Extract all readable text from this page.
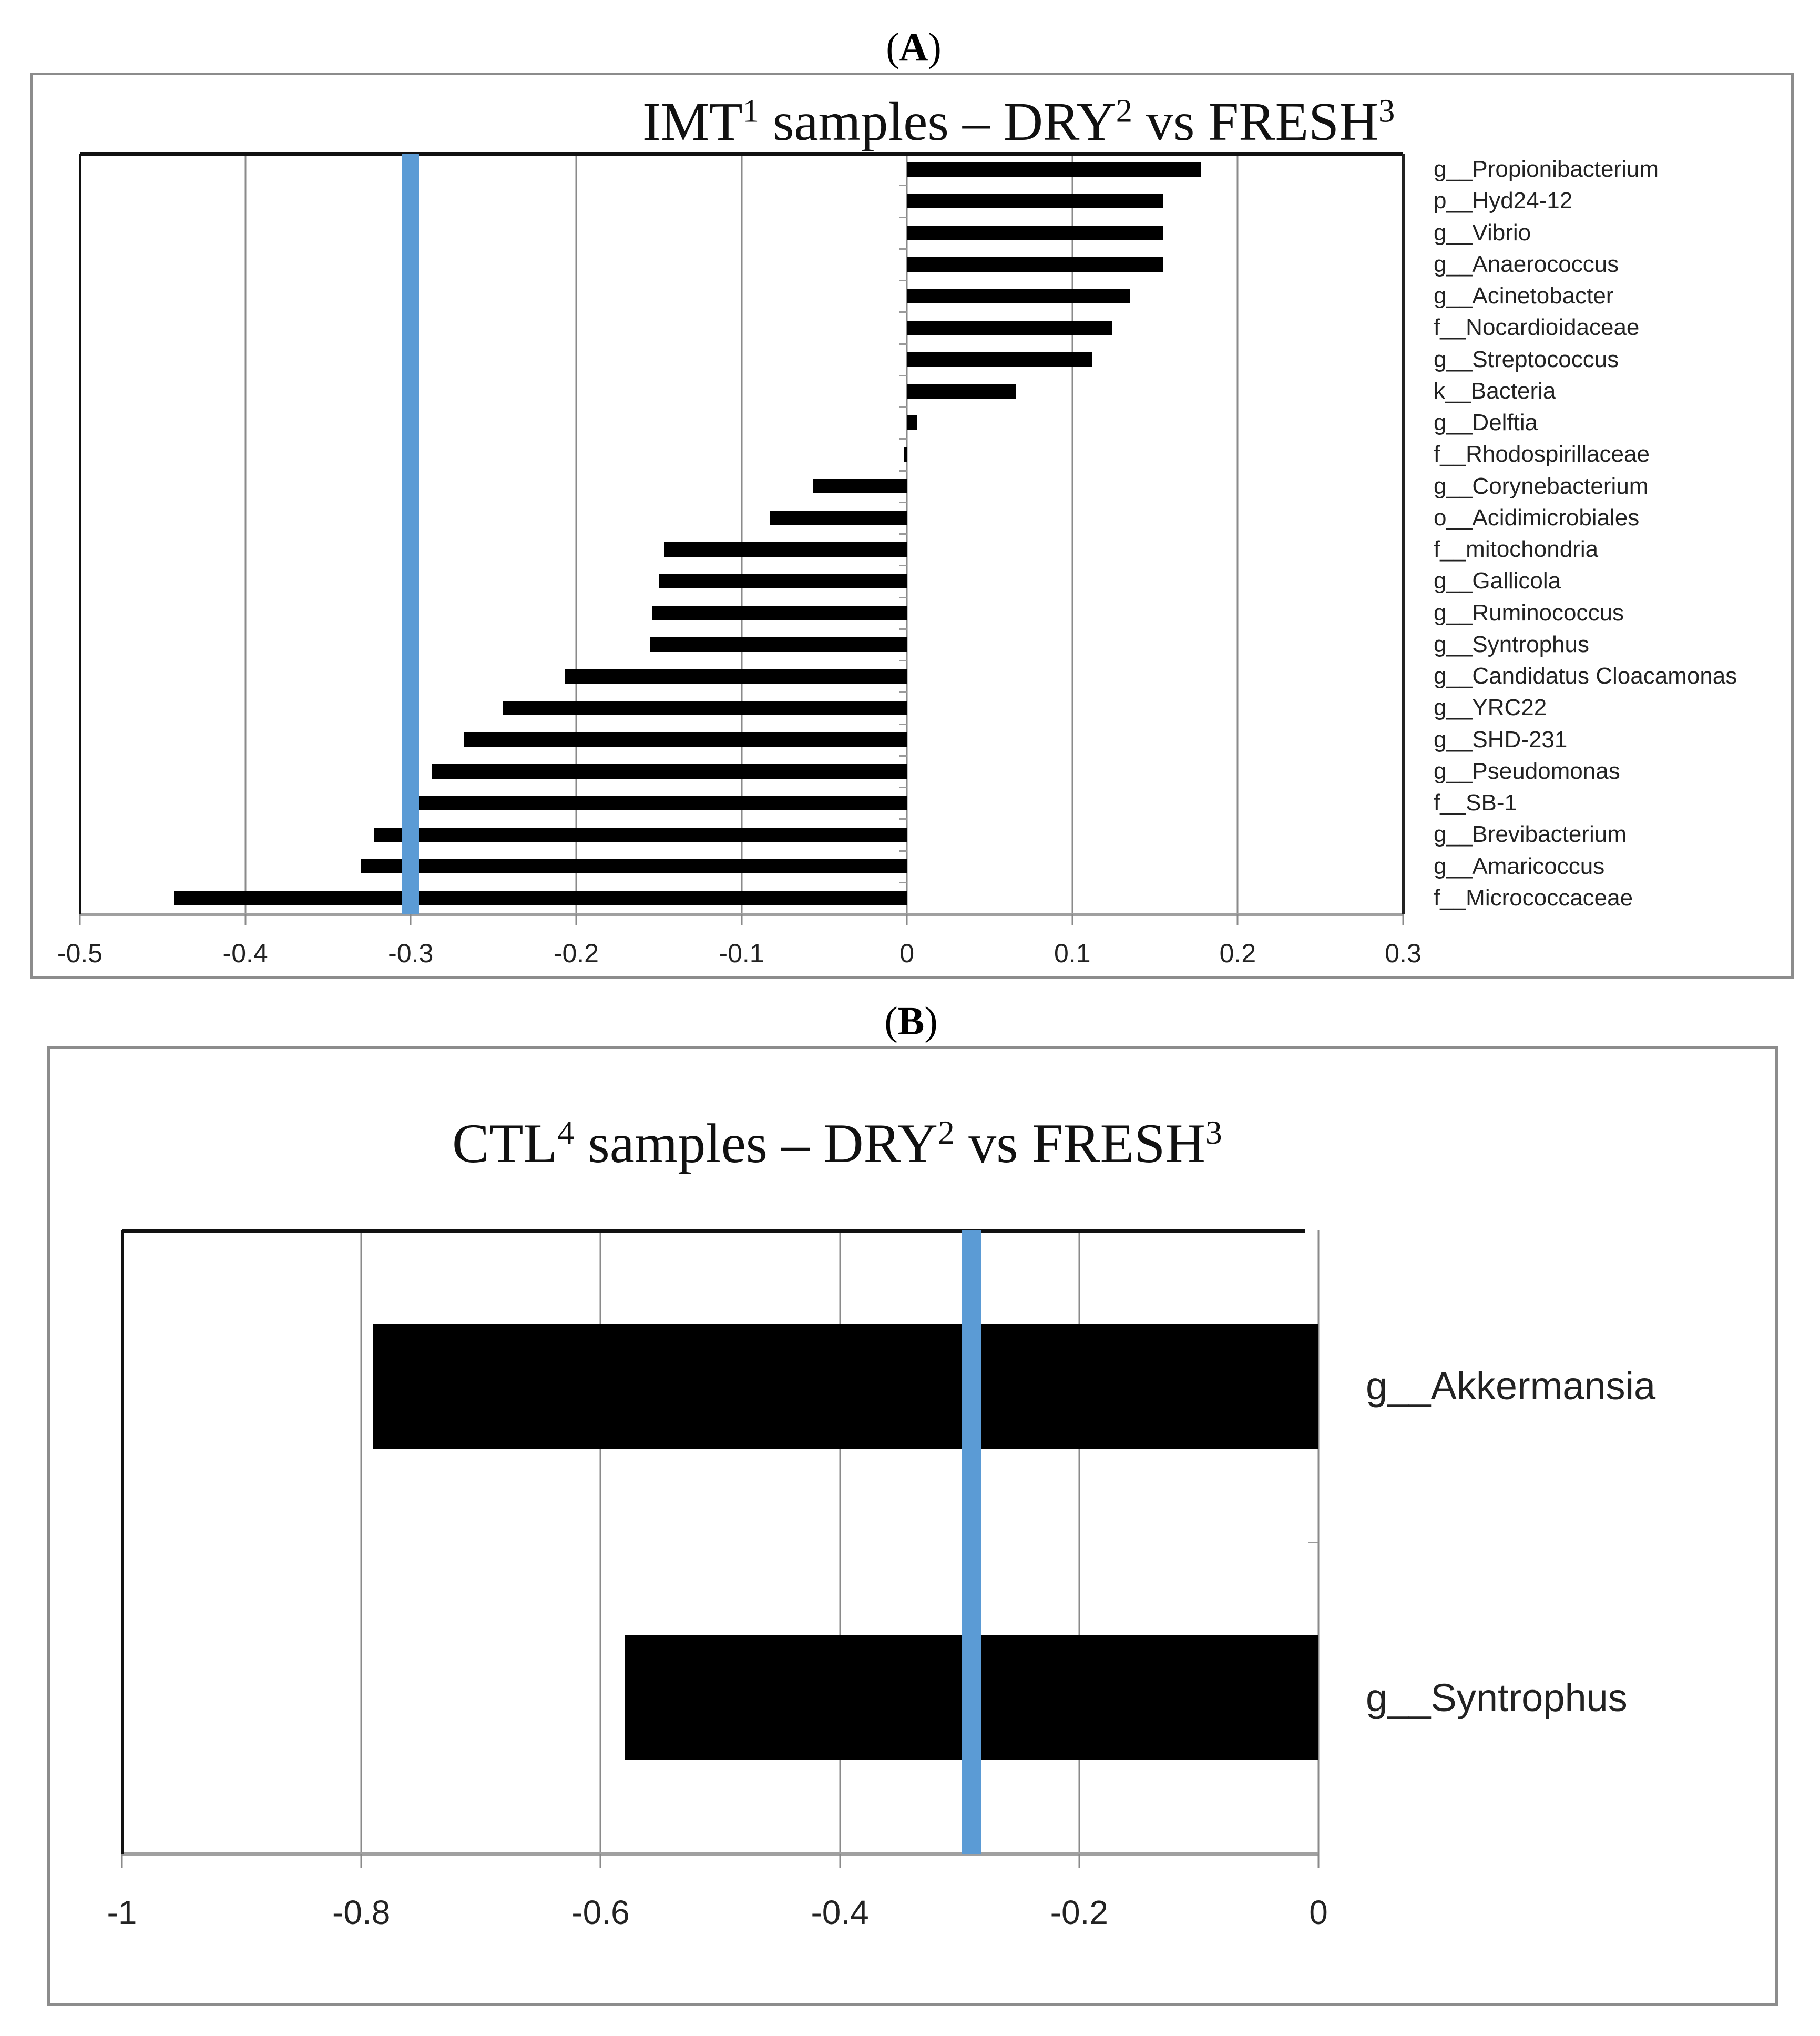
(A)
IMT$^1$ samples – DRY$^2$ vs FRESH$^3$
-0.5	-0.4	-0.3	-0.2	-0.1	0	0.1	0.2	0.3
g__Propionibacterium
p__Hyd24-12
g__Vibrio
g__Anaerococcus
g__Acinetobacter
f__Nocardioidaceae
g__Streptococcus
k__Bacteria
g__Delftia
f__Rhodospirillaceae
g__Corynebacterium
o__Acidimicrobiales
f__mitochondria
g__Gallicola
g__Ruminococcus
g__Syntrophus
g__Candidatus Cloacamonas
g__YRC22
g__SHD-231
g__Pseudomonas
f__SB-1
g__Brevibacterium
g__Amaricoccus
f__Micrococcaceae
(B)
CTL$^4$ samples – DRY$^2$ vs FRESH$^3$
-1	-0.8	-0.6	-0.4	-0.2	0
g__Akkermansia
g__Syntrophus
